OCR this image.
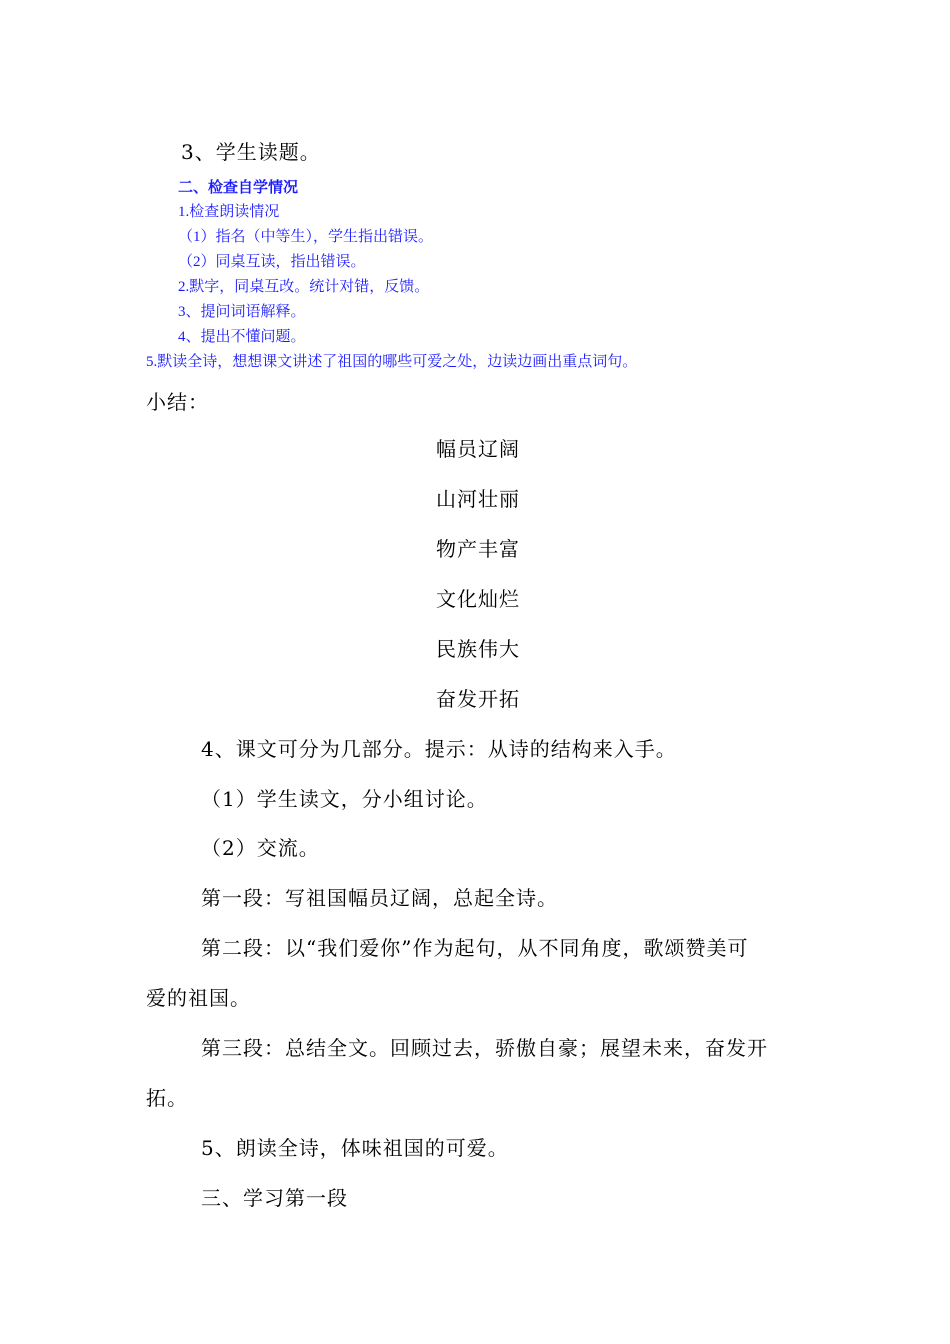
3、学生读题。
二、检查自学情况
1.检查朗读情况
（1）指名（中等生），学生指出错误。
（2）同桌互读，指出错误。
2.默字，同桌互改。统计对错，反馈。
3、提问词语解释。
4、提出不懂问题。
5.默读全诗，想想课文讲述了祖国的哪些可爱之处，边读边画出重点词句。
小结：
幅员辽阔
山河壮丽
物产丰富
文化灿烂
民族伟大
奋发开拓
4、课文可分为几部分。提示：从诗的结构来入手。
（1）学生读文，分小组讨论。
（2）交流。
第一段：写祖国幅员辽阔，总起全诗。
第二段：以“我们爱你”作为起句，从不同角度，歌颂赞美可
爱的祖国。
第三段：总结全文。回顾过去，骄傲自豪；展望未来，奋发开
拓。
5、朗读全诗，体味祖国的可爱。
三、学习第一段
